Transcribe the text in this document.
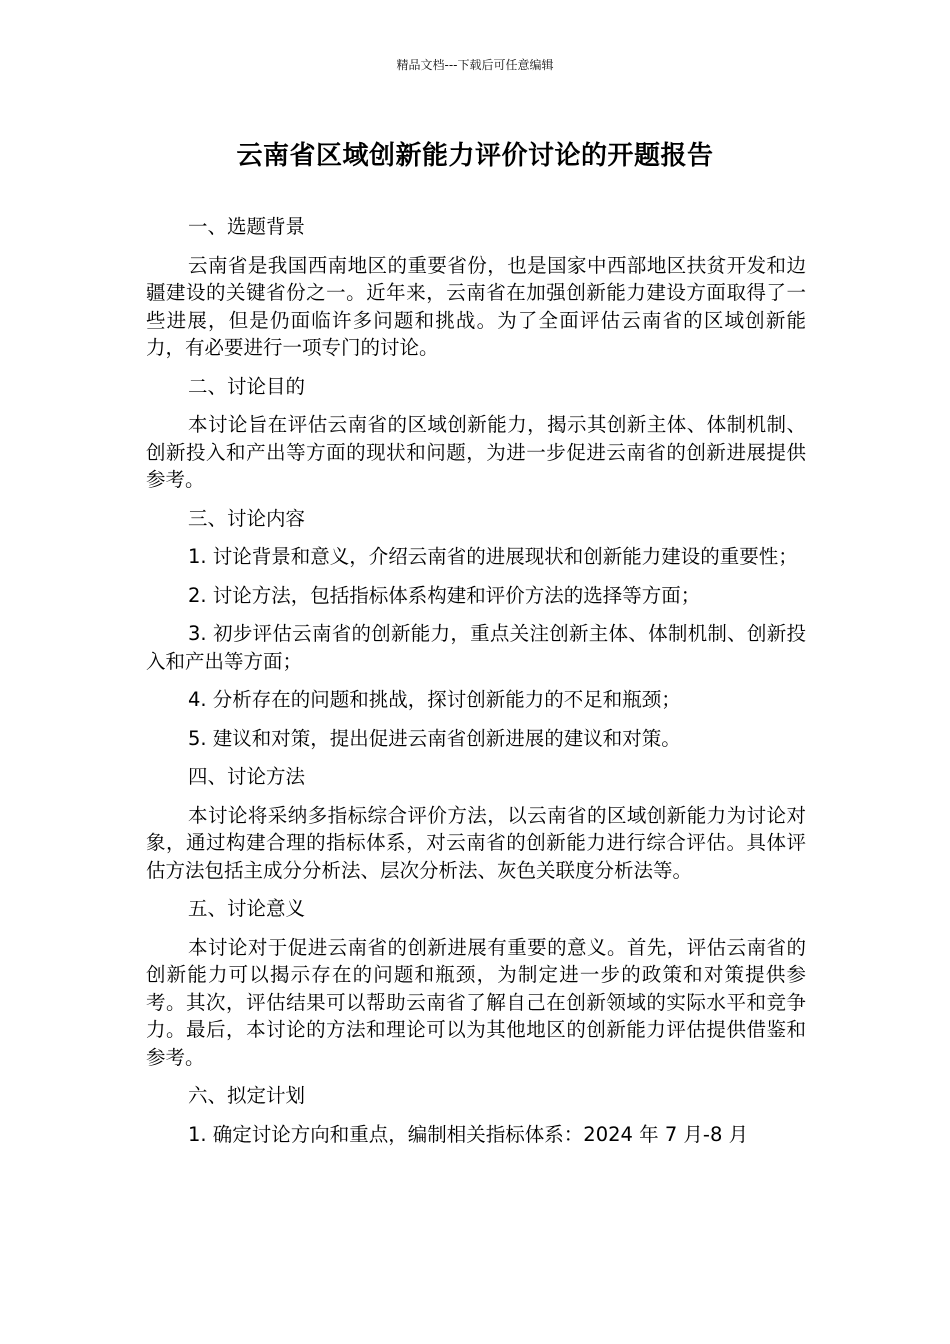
精品文档---下载后可任意编辑
云南省区域创新能力评价讨论的开题报告

一、选题背景

云南省是我国西南地区的重要省份，也是国家中西部地区扶贫开发和边疆建设的关键省份之一。近年来，云南省在加强创新能力建设方面取得了一些进展，但是仍面临许多问题和挑战。为了全面评估云南省的区域创新能力，有必要进行一项专门的讨论。

二、讨论目的

本讨论旨在评估云南省的区域创新能力，揭示其创新主体、体制机制、创新投入和产出等方面的现状和问题，为进一步促进云南省的创新进展提供参考。

三、讨论内容

1. 讨论背景和意义，介绍云南省的进展现状和创新能力建设的重要性；

2. 讨论方法，包括指标体系构建和评价方法的选择等方面；

3. 初步评估云南省的创新能力，重点关注创新主体、体制机制、创新投入和产出等方面；

4. 分析存在的问题和挑战，探讨创新能力的不足和瓶颈；

5. 建议和对策，提出促进云南省创新进展的建议和对策。

四、讨论方法

本讨论将采纳多指标综合评价方法，以云南省的区域创新能力为讨论对象，通过构建合理的指标体系，对云南省的创新能力进行综合评估。具体评估方法包括主成分分析法、层次分析法、灰色关联度分析法等。

五、讨论意义

本讨论对于促进云南省的创新进展有重要的意义。首先，评估云南省的创新能力可以揭示存在的问题和瓶颈，为制定进一步的政策和对策提供参考。其次，评估结果可以帮助云南省了解自己在创新领域的实际水平和竞争力。最后，本讨论的方法和理论可以为其他地区的创新能力评估提供借鉴和参考。

六、拟定计划

1. 确定讨论方向和重点，编制相关指标体系：2024 年 7 月-8 月
